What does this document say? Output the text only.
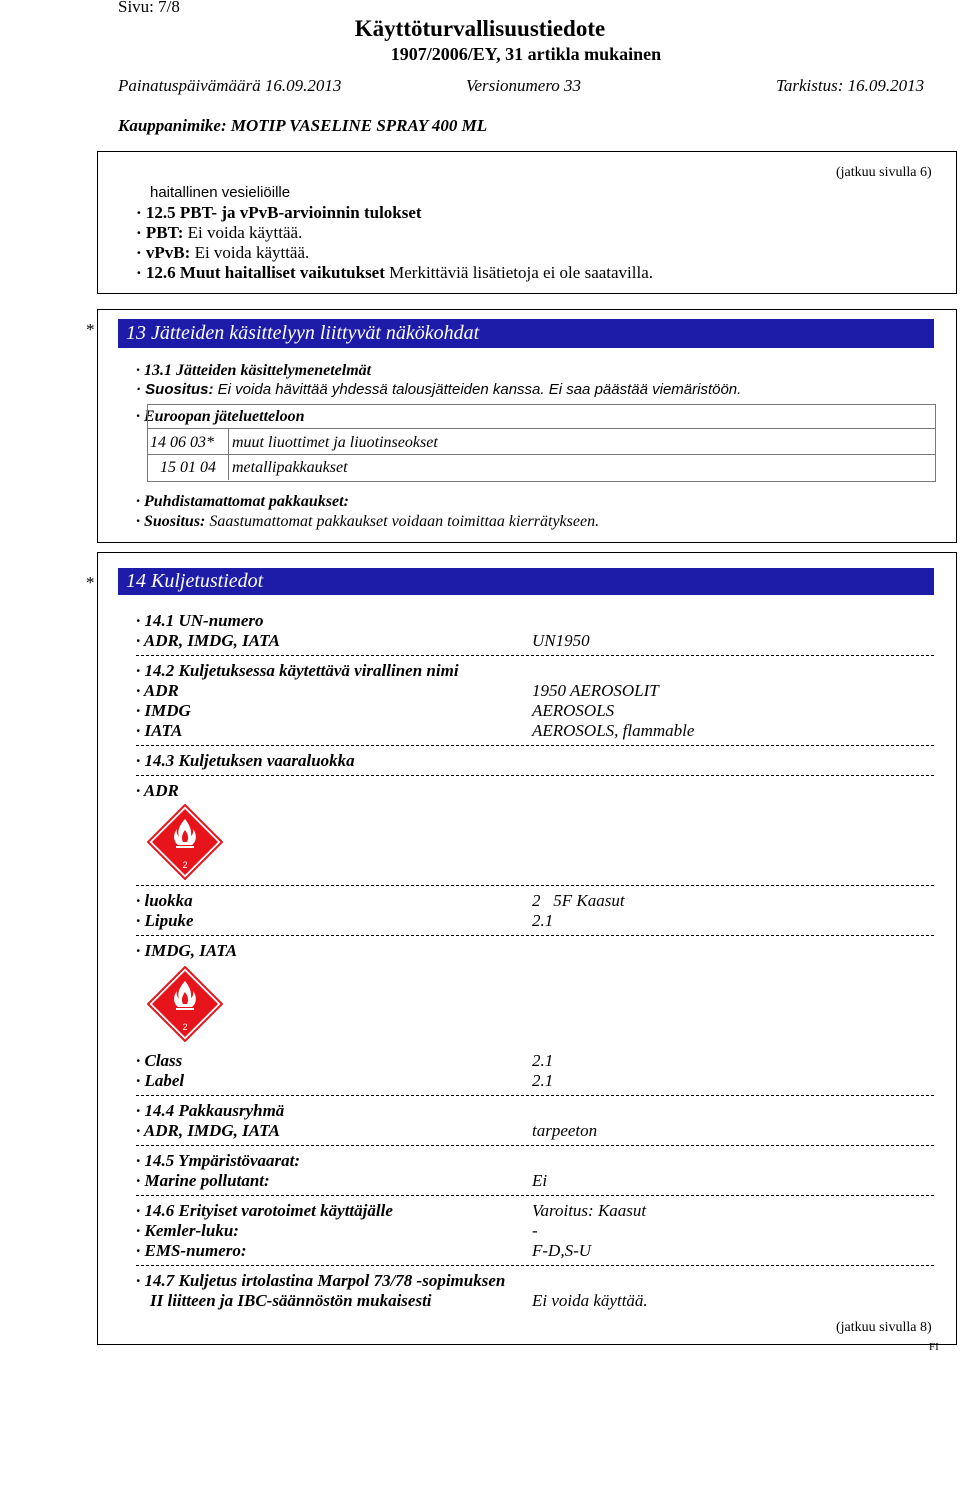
Sivu: 7/8
Käyttöturvallisuustiedote
1907/2006/EY, 31 artikla mukainen
Painatuspäivämäärä 16.09.2013	Versionumero 33	Tarkistus: 16.09.2013
Kauppanimike: MOTIP VASELINE SPRAY 400 ML
(jatkuu sivulla 6)
haitallinen vesieliöille
· 12.5 PBT- ja vPvB-arvioinnin tulokset
· PBT: Ei voida käyttää.
· vPvB: Ei voida käyttää.
· 12.6 Muut haitalliset vaikutukset Merkittäviä lisätietoja ei ole saatavilla.
*	13 Jätteiden käsittelyyn liittyvät näkökohdat
· 13.1 Jätteiden käsittelymenetelmät
· Suositus: Ei voida hävittää yhdessä talousjätteiden kanssa. Ei saa päästää viemäristöön.
· Euroopan jäteluetteloon
14 06 03* muut liuottimet ja liuotinseokset
15 01 04 metallipakkaukset
· Puhdistamattomat pakkaukset:
· Suositus: Saastumattomat pakkaukset voidaan toimittaa kierrätykseen.
*	14 Kuljetustiedot
· 14.1 UN-numero
· ADR, IMDG, IATA	UN1950
· 14.2 Kuljetuksessa käytettävä virallinen nimi
· ADR	1950 AEROSOLIT
· IMDG	AEROSOLS
· IATA	AEROSOLS, flammable
· 14.3 Kuljetuksen vaaraluokka
· ADR
2
· luokka	2   5F Kaasut
· Lipuke	2.1
· IMDG, IATA
2
· Class	2.1
· Label	2.1
· 14.4 Pakkausryhmä
· ADR, IMDG, IATA	tarpeeton
· 14.5 Ympäristövaarat:
· Marine pollutant:	Ei
· 14.6 Erityiset varotoimet käyttäjälle	Varoitus: Kaasut
· Kemler-luku:	-
· EMS-numero:	F-D,S-U
· 14.7 Kuljetus irtolastina Marpol 73/78 -sopimuksen
II liitteen ja IBC-säännöstön mukaisesti	Ei voida käyttää.
(jatkuu sivulla 8)
FI
